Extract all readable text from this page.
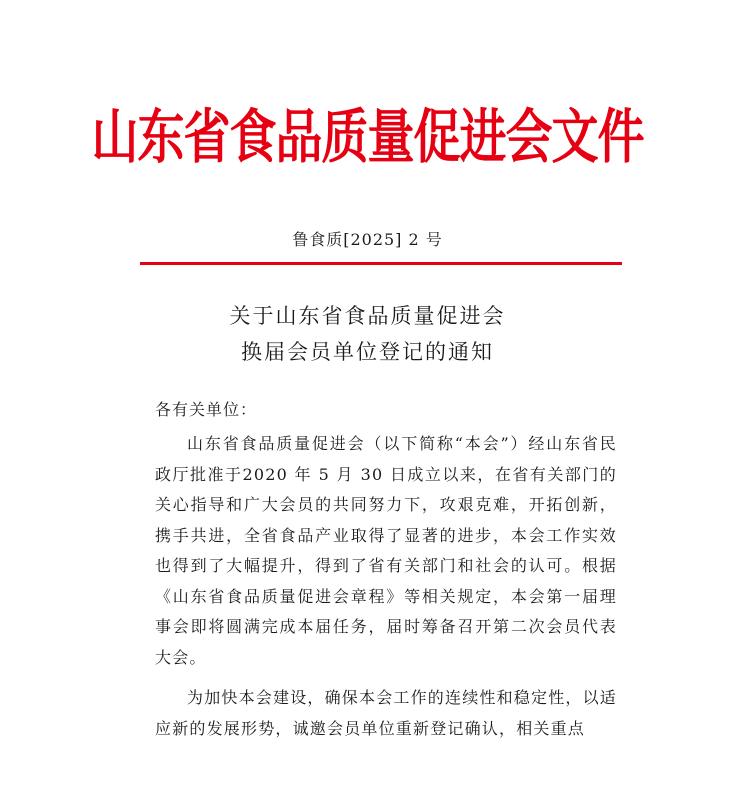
山东省食品质量促进会文件
鲁食质[2025] 2 号
关于山东省食品质量促进会
换届会员单位登记的通知
各有关单位：

山东省食品质量促进会（以下简称“本会”）经山东省民政厅批准于2020 年 5 月 30 日成立以来，在省有关部门的关心指导和广大会员的共同努力下，攻艰克难，开拓创新，携手共进，全省食品产业取得了显著的进步，本会工作实效也得到了大幅提升，得到了省有关部门和社会的认可。根据《山东省食品质量促进会章程》等相关规定，本会第一届理事会即将圆满完成本届任务，届时筹备召开第二次会员代表大会。

为加快本会建设，确保本会工作的连续性和稳定性，以适应新的发展形势，诚邀会员单位重新登记确认，相关重点
